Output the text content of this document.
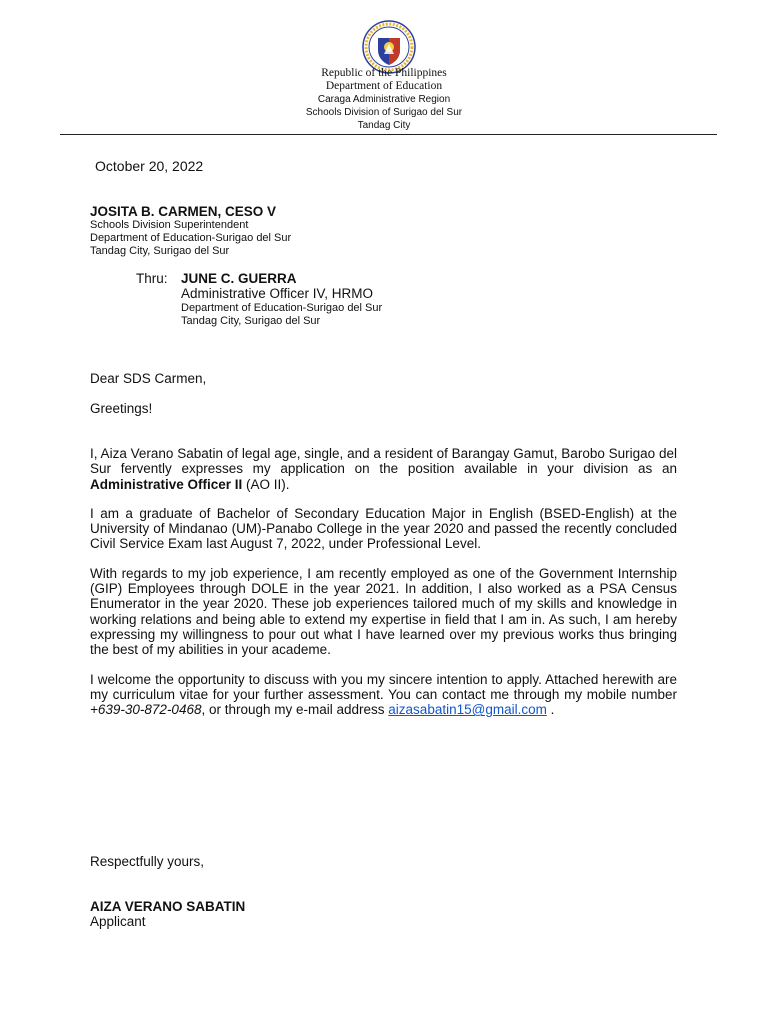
Republic of the Philippines
Department of Education
Caraga Administrative Region
Schools Division of Surigao del Sur
Tandag City
October 20, 2022
JOSITA B. CARMEN, CESO V
Schools Division Superintendent
Department of Education-Surigao del Sur
Tandag City, Surigao del Sur
Thru: JUNE C. GUERRA
Administrative Officer IV, HRMO
Department of Education-Surigao del Sur
Tandag City, Surigao del Sur
Dear SDS Carmen,
Greetings!

I, Aiza Verano Sabatin of legal age, single, and a resident of Barangay Gamut, Barobo Surigao del Sur fervently expresses my application on the position available in your division as an Administrative Officer II (AO II).

I am a graduate of Bachelor of Secondary Education Major in English (BSED-English) at the University of Mindanao (UM)-Panabo College in the year 2020 and passed the recently concluded Civil Service Exam last August 7, 2022, under Professional Level.

With regards to my job experience, I am recently employed as one of the Government Internship (GIP) Employees through DOLE in the year 2021. In addition, I also worked as a PSA Census Enumerator in the year 2020. These job experiences tailored much of my skills and knowledge in working relations and being able to extend my expertise in field that I am in. As such, I am hereby expressing my willingness to pour out what I have learned over my previous works thus bringing the best of my abilities in your academe.

I welcome the opportunity to discuss with you my sincere intention to apply. Attached herewith are my curriculum vitae for your further assessment. You can contact me through my mobile number +639-30-872-0468, or through my e-mail address aizasabatin15@gmail.com .

Respectfully yours,
AIZA VERANO SABATIN
Applicant
